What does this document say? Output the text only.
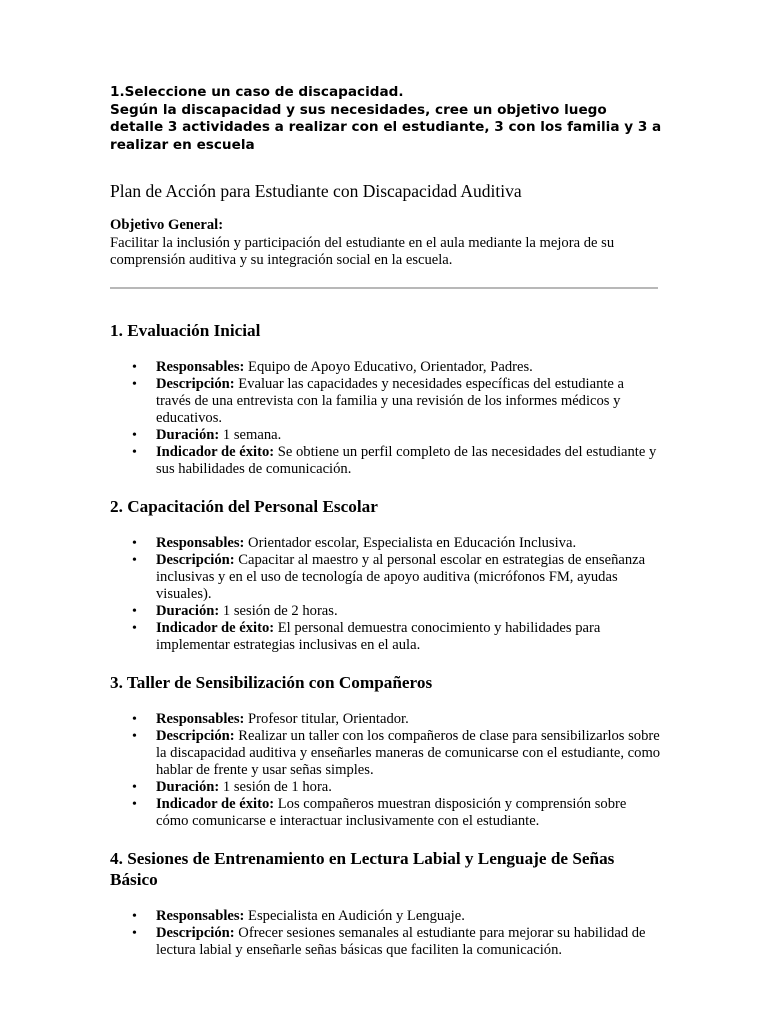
1.Seleccione un caso de discapacidad.

Según la discapacidad y sus necesidades, cree un objetivo luego detalle 3 actividades a realizar con el estudiante, 3 con los familia y 3 a realizar en escuela

Plan de Acción para Estudiante con Discapacidad Auditiva
Objetivo General:
Facilitar la inclusión y participación del estudiante en el aula mediante la mejora de su comprensión auditiva y su integración social en la escuela.
1. Evaluación Inicial
• Responsables: Equipo de Apoyo Educativo, Orientador, Padres.
• Descripción: Evaluar las capacidades y necesidades específicas del estudiante a través de una entrevista con la familia y una revisión de los informes médicos y educativos.
• Duración: 1 semana.
• Indicador de éxito: Se obtiene un perfil completo de las necesidades del estudiante y sus habilidades de comunicación.
2. Capacitación del Personal Escolar
• Responsables: Orientador escolar, Especialista en Educación Inclusiva.
• Descripción: Capacitar al maestro y al personal escolar en estrategias de enseñanza inclusivas y en el uso de tecnología de apoyo auditiva (micrófonos FM, ayudas visuales).
• Duración: 1 sesión de 2 horas.
• Indicador de éxito: El personal demuestra conocimiento y habilidades para implementar estrategias inclusivas en el aula.
3. Taller de Sensibilización con Compañeros
• Responsables: Profesor titular, Orientador.
• Descripción: Realizar un taller con los compañeros de clase para sensibilizarlos sobre la discapacidad auditiva y enseñarles maneras de comunicarse con el estudiante, como hablar de frente y usar señas simples.
• Duración: 1 sesión de 1 hora.
• Indicador de éxito: Los compañeros muestran disposición y comprensión sobre cómo comunicarse e interactuar inclusivamente con el estudiante.
4. Sesiones de Entrenamiento en Lectura Labial y Lenguaje de Señas Básico
• Responsables: Especialista en Audición y Lenguaje.
• Descripción: Ofrecer sesiones semanales al estudiante para mejorar su habilidad de lectura labial y enseñarle señas básicas que faciliten la comunicación.
